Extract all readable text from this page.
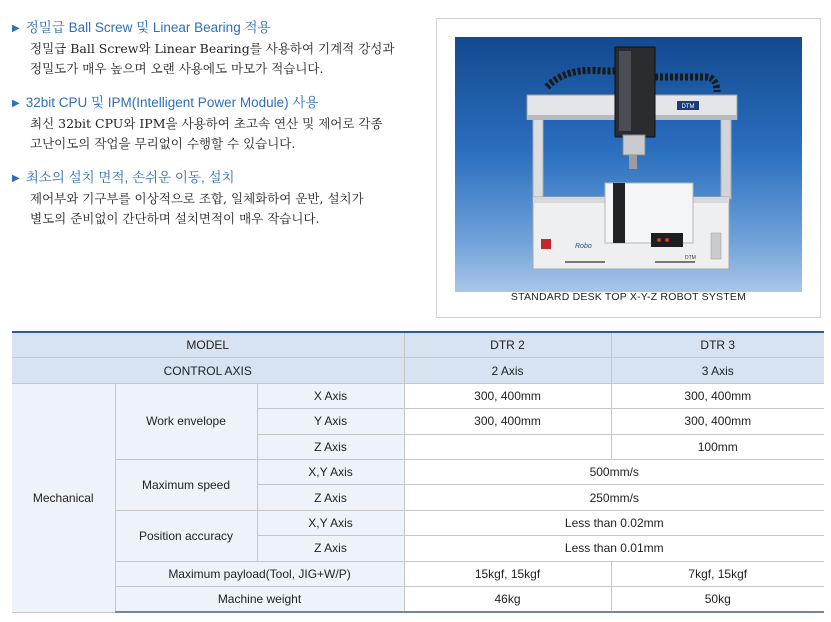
▶ 정밀급 Ball Screw 및 Linear Bearing 적용
정밀급 Ball Screw와 Linear Bearing를 사용하여 기계적 강성과
정밀도가 매우 높으며 오랜 사용에도 마모가 적습니다.
▶ 32bit CPU 및 IPM(Intelligent Power Module) 사용
최신 32bit CPU와 IPM을 사용하여 초고속 연산 및 제어로 각종
고난이도의 작업을 무리없이 수행할 수 있습니다.
▶ 최소의 설치 면적, 손쉬운 이동, 설치
제어부와 기구부를 이상적으로 조합, 일체화하여 운반, 설치가
별도의 준비없이 간단하며 설치면적이 매우 작습니다.
DTM
Robo
DTM
STANDARD DESK TOP X-Y-Z ROBOT SYSTEM
MODEL			DTR 2	DTR 3
CONTROL AXIS			2 Axis	3 Axis
Mechanical	Work envelope	X Axis	300, 400mm	300, 400mm
		Y Axis	300, 400mm	300, 400mm
		Z Axis		100mm
	Maximum speed	X,Y Axis	500mm/s	
		Z Axis	250mm/s	
	Position accuracy	X,Y Axis	Less than 0.02mm	
		Z Axis	Less than 0.01mm	
	Maximum payload(Tool, JIG+W/P)		15kgf, 15kgf	7kgf, 15kgf
	Machine weight		46kg	50kg
